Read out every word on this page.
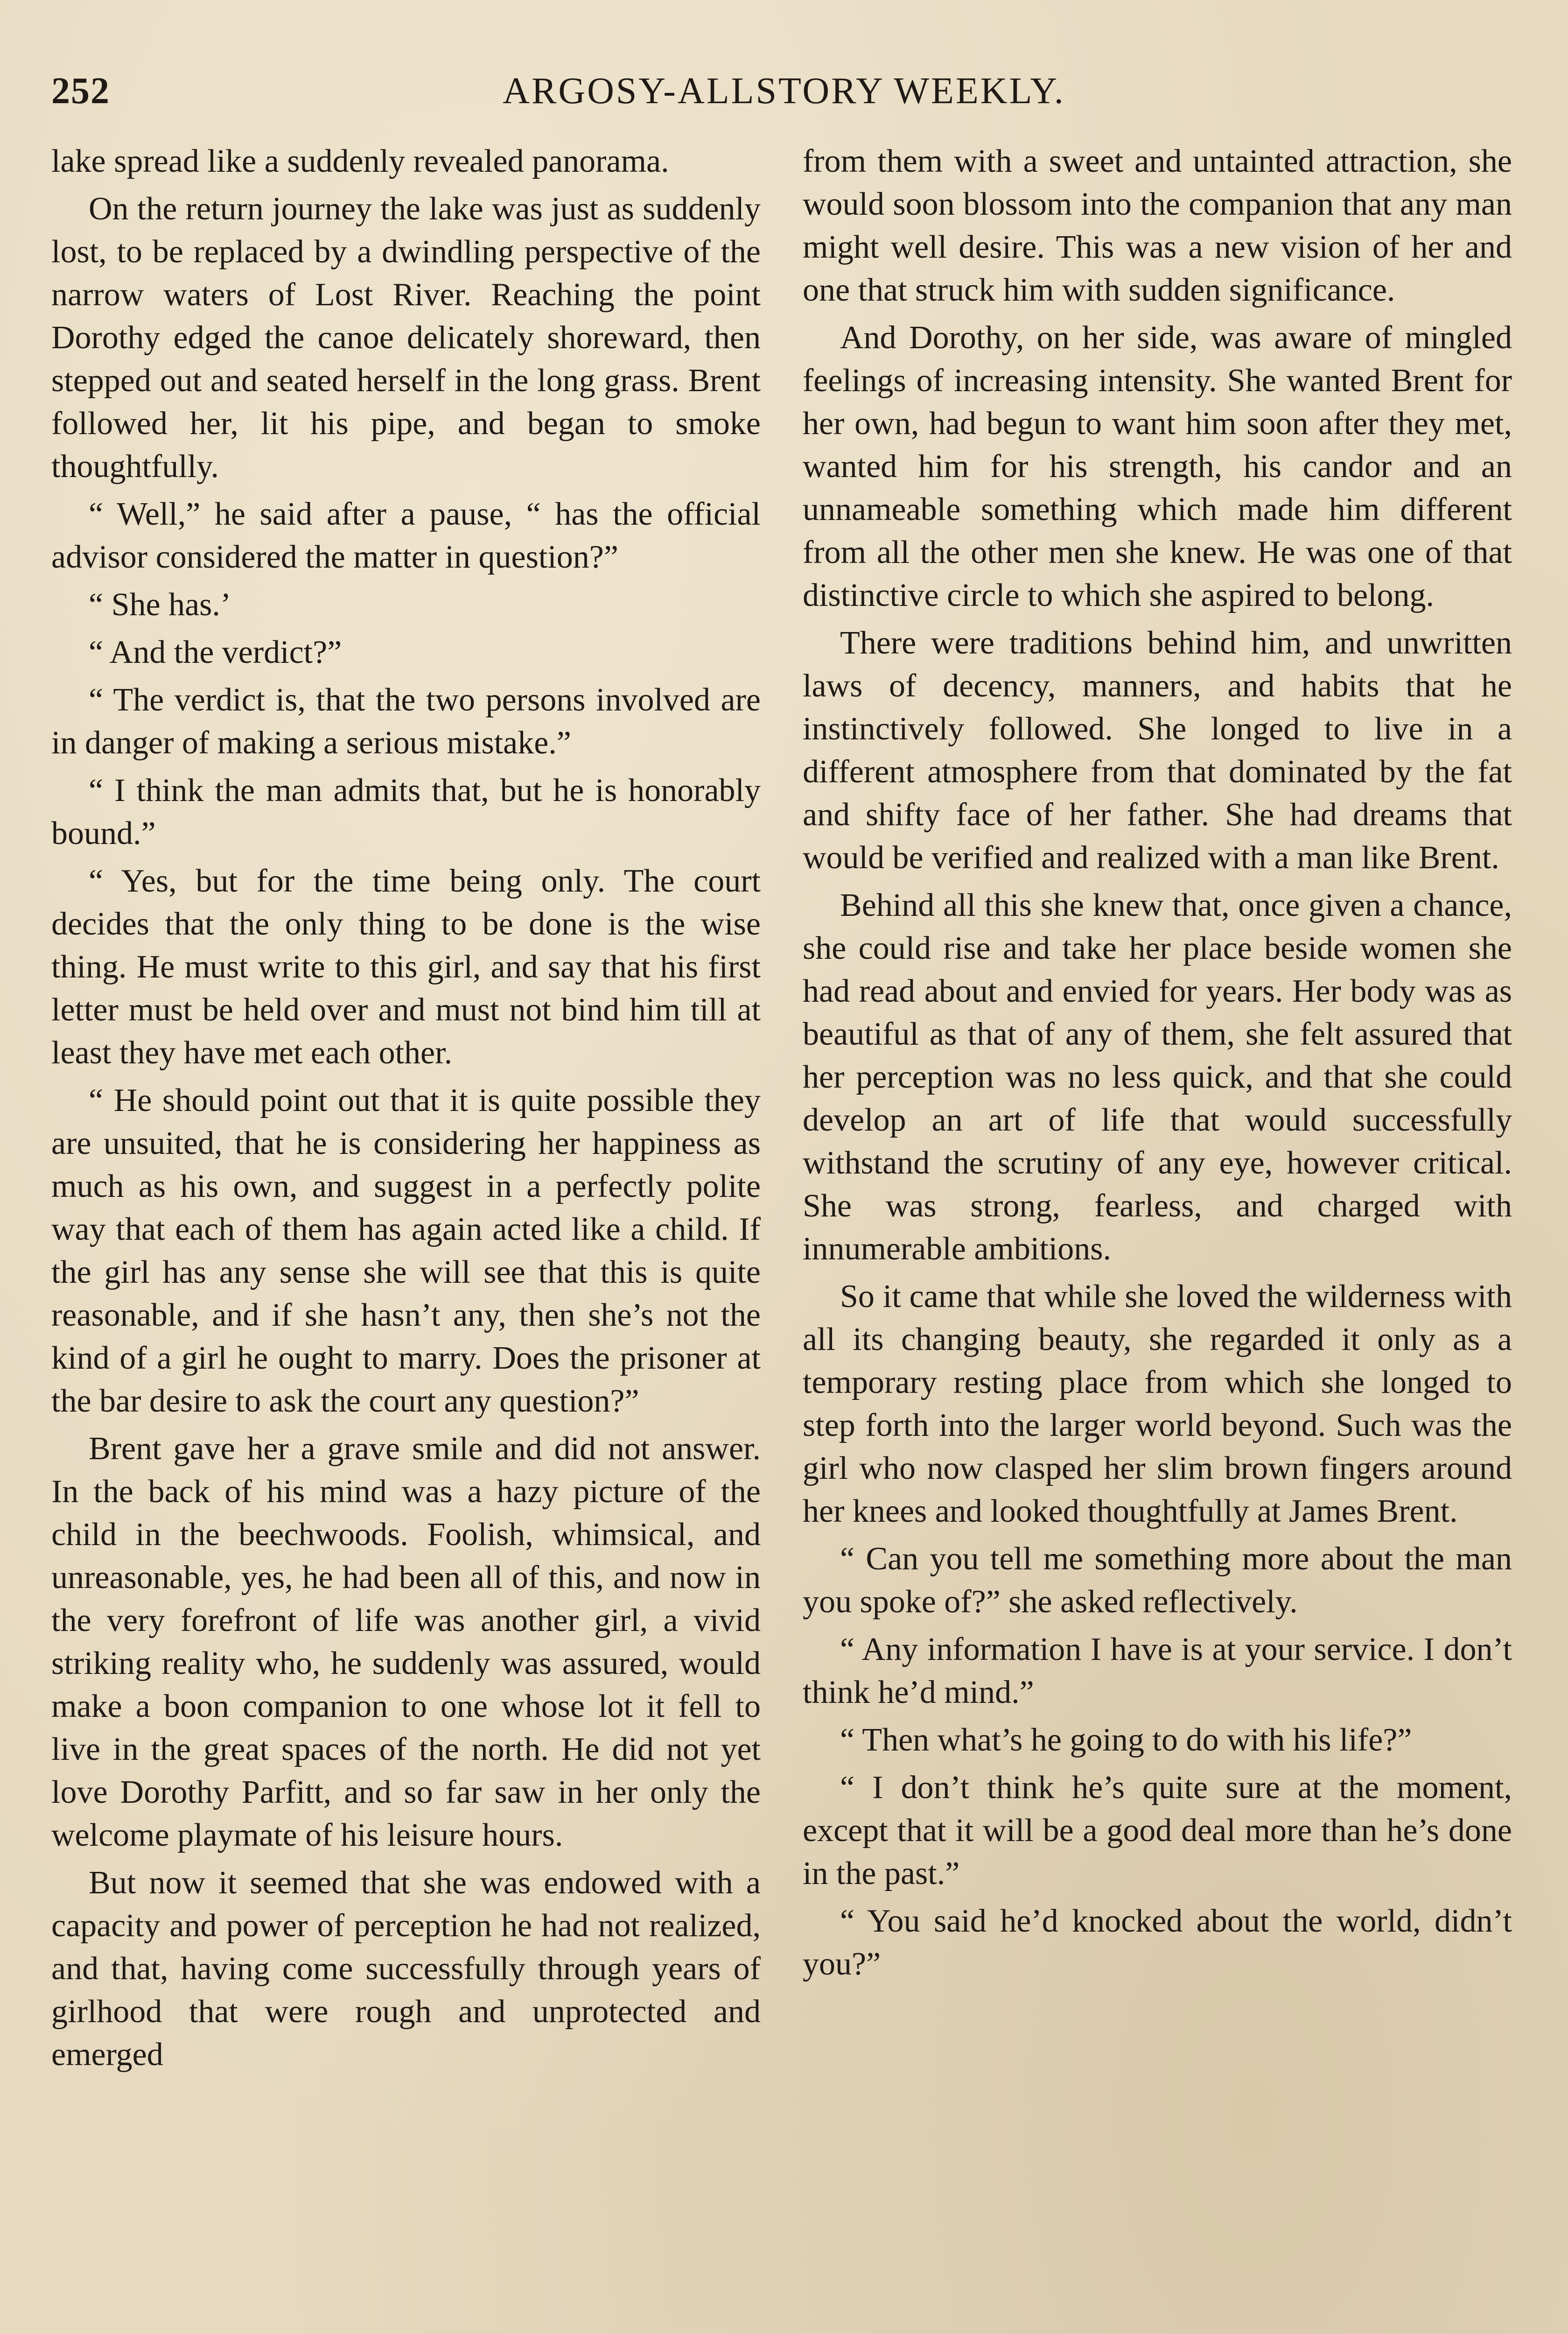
252	ARGOSY-ALLSTORY WEEKLY.

lake spread like a suddenly revealed panorama.

On the return journey the lake was just as suddenly lost, to be replaced by a dwindling perspective of the narrow waters of Lost River. Reaching the point Dorothy edged the canoe delicately shoreward, then stepped out and seated herself in the long grass. Brent followed her, lit his pipe, and began to smoke thoughtfully.

“ Well,” he said after a pause, “ has the official advisor considered the matter in question?”

“ She has.’

“ And the verdict?”

“ The verdict is, that the two persons involved are in danger of making a serious mistake.”

“ I think the man admits that, but he is honorably bound.”

“ Yes, but for the time being only. The court decides that the only thing to be done is the wise thing. He must write to this girl, and say that his first letter must be held over and must not bind him till at least they have met each other.

“ He should point out that it is quite possible they are unsuited, that he is considering her happiness as much as his own, and suggest in a perfectly polite way that each of them has again acted like a child. If the girl has any sense she will see that this is quite reasonable, and if she hasn’t any, then she’s not the kind of a girl he ought to marry. Does the prisoner at the bar desire to ask the court any question?”

Brent gave her a grave smile and did not answer. In the back of his mind was a hazy picture of the child in the beechwoods. Foolish, whimsical, and unreasonable, yes, he had been all of this, and now in the very forefront of life was another girl, a vivid striking reality who, he suddenly was assured, would make a boon companion to one whose lot it fell to live in the great spaces of the north. He did not yet love Dorothy Parfitt, and so far saw in her only the welcome playmate of his leisure hours.

But now it seemed that she was endowed with a capacity and power of perception he had not realized, and that, having come successfully through years of girlhood that were rough and unprotected and emerged

from them with a sweet and untainted attraction, she would soon blossom into the companion that any man might well desire. This was a new vision of her and one that struck him with sudden significance.

And Dorothy, on her side, was aware of mingled feelings of increasing intensity. She wanted Brent for her own, had begun to want him soon after they met, wanted him for his strength, his candor and an unnameable something which made him different from all the other men she knew. He was one of that distinctive circle to which she aspired to belong.

There were traditions behind him, and unwritten laws of decency, manners, and habits that he instinctively followed. She longed to live in a different atmosphere from that dominated by the fat and shifty face of her father. She had dreams that would be verified and realized with a man like Brent.

Behind all this she knew that, once given a chance, she could rise and take her place beside women she had read about and envied for years. Her body was as beautiful as that of any of them, she felt assured that her perception was no less quick, and that she could develop an art of life that would successfully withstand the scrutiny of any eye, however critical. She was strong, fearless, and charged with innumerable ambitions.

So it came that while she loved the wilderness with all its changing beauty, she regarded it only as a temporary resting place from which she longed to step forth into the larger world beyond. Such was the girl who now clasped her slim brown fingers around her knees and looked thoughtfully at James Brent.

“ Can you tell me something more about the man you spoke of?” she asked reflectively.

“ Any information I have is at your service. I don’t think he’d mind.”

“ Then what’s he going to do with his life?”

“ I don’t think he’s quite sure at the moment, except that it will be a good deal more than he’s done in the past.”

“ You said he’d knocked about the world, didn’t you?”
